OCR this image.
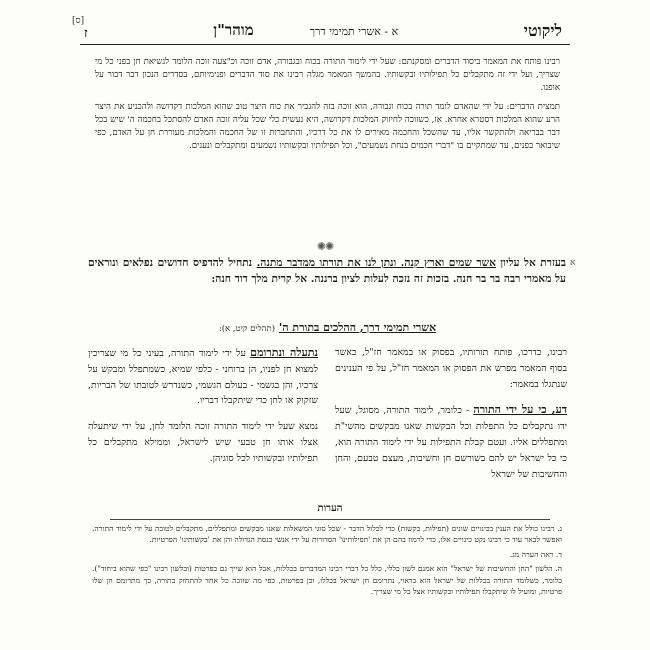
[ס]	ליקוטי
א - אשרי תמימי דרך                מוהר"ן
ז

רבינו פותח את המאמר ביסוד הדברים ומסקנתם: שעל ידי לימוד התורה בכוח ובגבורה, אדם זוכה וכ"צעה זוכה הלומד לנשיאת חן בפני כל מי שצריך, ועל ידי זה מתקבלים כל תפילותיו ובקשותיו. בהמשך המאמר מגלה רבינו את סוד הדברים ופנימיותם, בסדרים הנכון דבר דבור על אופנו.

תמצית הדברים: על ידי שהאדם לומד תורה בכוח וגבורה, הוא זוכה בזה להגביר את כוח היצר טוב שהוא המלכות דקדושה ולהכניע את היצר הרע שהוא המלכות דסטרא אחרא. אז, כשזוכה לחיזוק המלכות דקדושה, היא נעשית כלי שכל עליה זוכה האדם להסתכל בחכמה ה' שיש בכל דבר בבריאה ולהתקשר אליו, עד שהשכל והחכמה מאירים לו את כל דרכיו, והתחברות זו של החכמה והמלכות מעוררת חן על האדם, כפי שיבואר בפנים, עד שמתקיים בו "דברי חכמים בנחת נשמעים", וכל תפילותיו ובקשותיו נשמעים ומתקבלים ונענים.

✺✺
א
בעזרת אל עליון אשר שמים וארץ קנה. ונתן לנו את תורתו ממדבר מתנה. נתחיל להדפיס חדושים נפלאים ונוראים על מאמרי רבה בר בר חנה. בזכות זה נזכה לעלות לציון ברננה. אל קרית מלך דוד חנה:
אשרי תמימי דרך, ההלכים בתורת ה' (תהלים קיט, א):

רבינו, כדרכו, פותח תורותיו, בפסוק או במאמר חז"ל, כאשר בסוף המאמר מפרש את הפסוק או המאמר חז"ל, על פי הענינים שנתגלו במאמר:

דע, כי על ידי התורה - כלומר, לימוד התורה, מסוגל, שעל ידו נתקבלים כל התפלות וכל הבקשות שאנו מבקשים מהשי"ת ומתפללים אליו. ועטם קבלת התפילות על ידי לימוד התורה הוא, כי כל ישראל יש להם בשורשם חן וחשיבות, מעצם טבעם, והחן והחשיבות של ישראל

נתעלה ונתרומם על ידי לימוד התורה, בעיני כל מי שצריכין למצוא חן לפניו, הן ברוחני - כלפי שמיא, כשמתפלל ומבקש על צרכיו, והן בגשמי - בעולם הגשמי, כשנדרש לטובתו של הבריות, שזקוק או לחן כדי שיתקבלו דבריו.

נמצא שעל ידי לימוד התורה זוכה הלומד לחן, על ידי שיתעלה אצלו אותו חן טבעי שיש לישראל, וממילא מתקבלים כל תפילותיו ובקשותיו לכל סוגיהן.

הערות

ג. רבינו כולל את הענין בכינויים שונים (תפילות, בקשות) כדי לכלול הדבר - שכל סוגי המשאלות שאנו מבקשים ומתפללים, מתקבלים לטובה על ידי לימוד התורה. ואפשר לבאר עוד כי רבינו נקט כינויים אלו, כדי לרמוז בהם הן את 'תפילותינו' הסדורות על ידי אנשי כנסת הגדולה והן את 'בקשותינו' הפרטיות.

ד. ראה הערה מג.

ה. הלשון "החן והחשיבות של ישראל" הוא אמנם לשון כללי, כלל כל דברי רבינו המדברים בכללות, אבל הוא שייך גם בפרטות (ובלשון רבינו "כפי שהוא ביחוד"). כלומר, כשלומד התורה בכללות של ישראל הוא כראוי, נתרומם חן ישראל בכללו, וכן בפרטות, כפי מה שזוכה כל אחד להתחזק בתורה, כך מתרומם חן שלו פרטיות, ומועיל לו שיתקבלו תפילותיו ובקשותיו אצל כל מי שצריך.
